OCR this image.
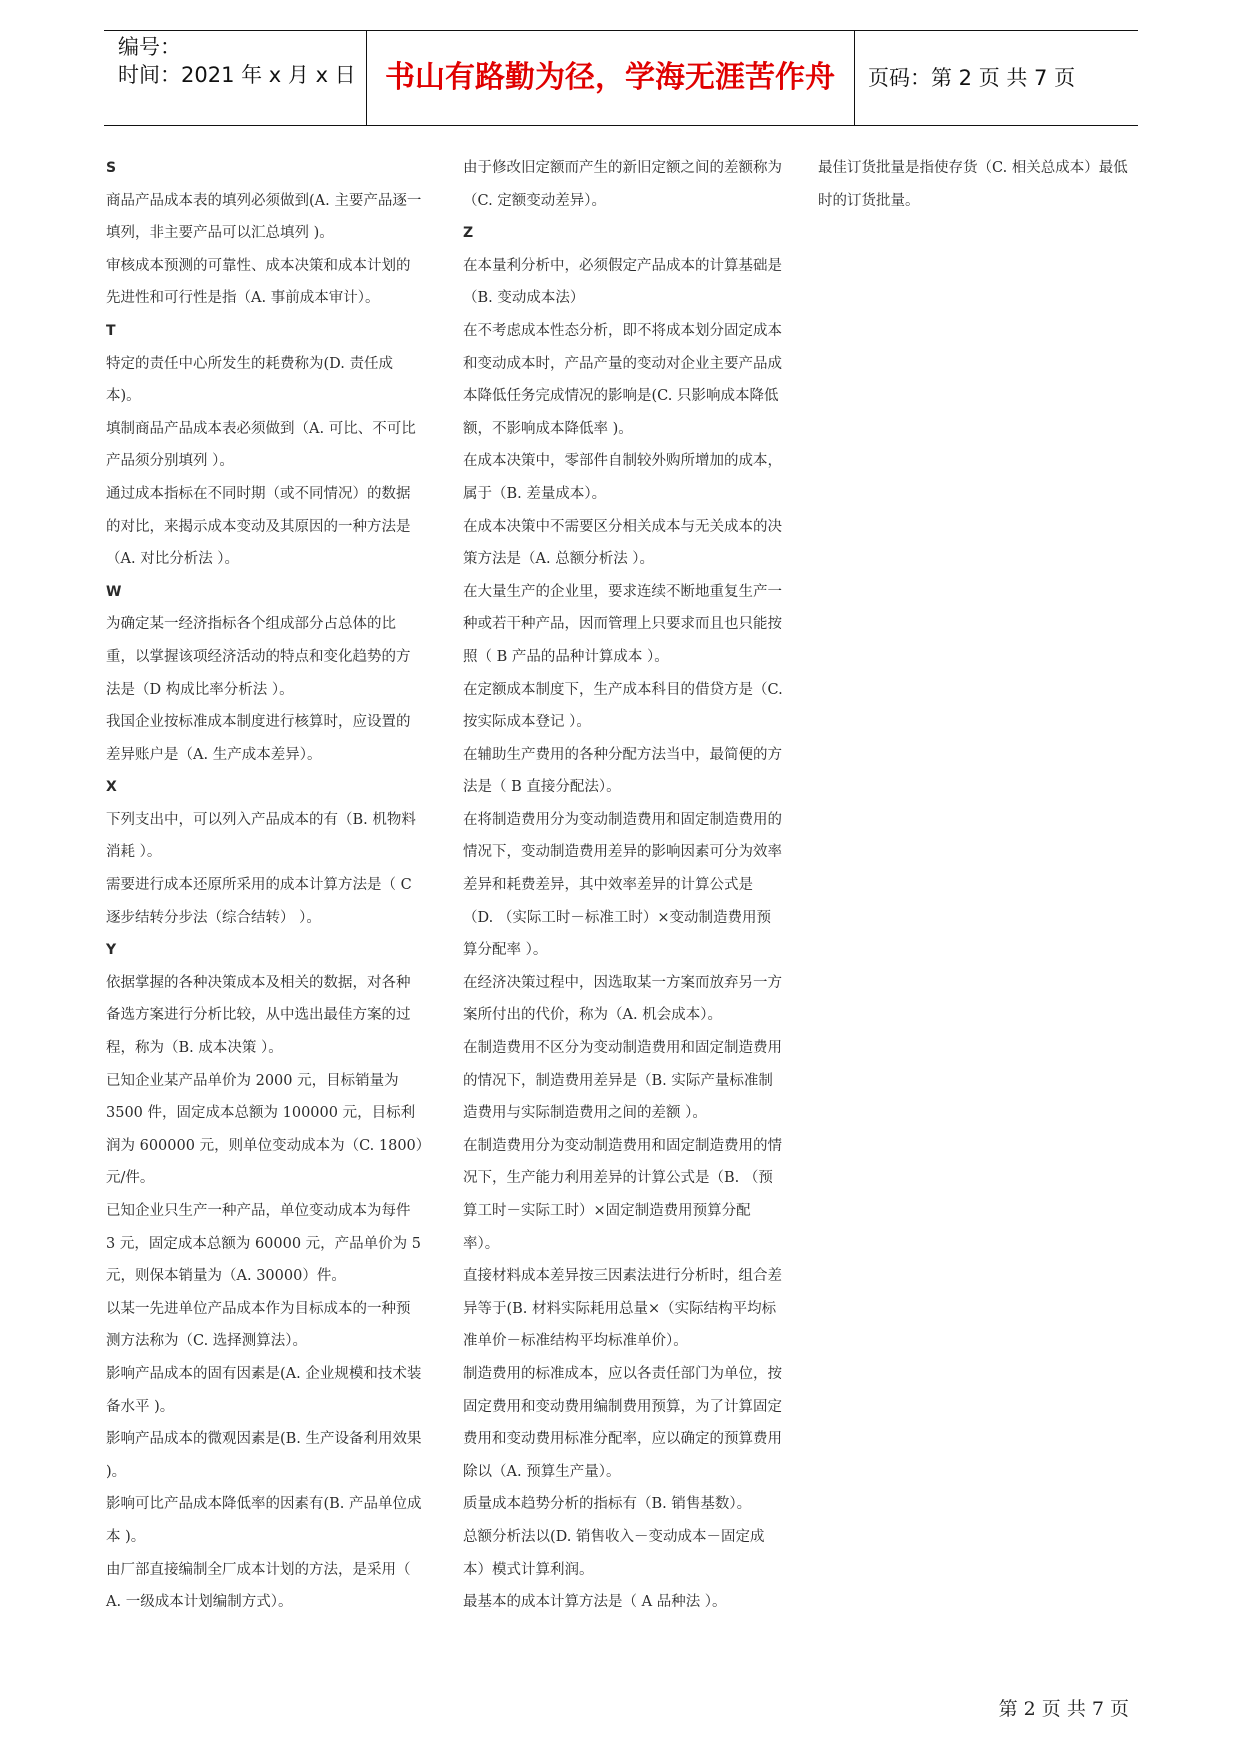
编号：
时间：2021 年 x 月 x 日 书山有路勤为径，学海无涯苦作舟	页码：第 2 页 共 7 页

S

商品产品成本表的填列必须做到(A. 主要产品逐一填列，非主要产品可以汇总填列 )。

审核成本预测的可靠性、成本决策和成本计划的先进性和可行性是指（A. 事前成本审计）。

T

特定的责任中心所发生的耗费称为(D. 责任成本)。

填制商品产品成本表必须做到（A. 可比、不可比产品须分别填列 ）。

通过成本指标在不同时期（或不同情况）的数据的对比，来揭示成本变动及其原因的一种方法是（A. 对比分析法 ）。

W

为确定某一经济指标各个组成部分占总体的比重，以掌握该项经济活动的特点和变化趋势的方法是（D 构成比率分析法 ）。

我国企业按标准成本制度进行核算时，应设置的差异账户是（A. 生产成本差异）。

X

下列支出中，可以列入产品成本的有（B. 机物料消耗 ）。

需要进行成本还原所采用的成本计算方法是（ C 逐步结转分步法（综合结转） ）。

Y

依据掌握的各种决策成本及相关的数据，对各种备选方案进行分析比较，从中选出最佳方案的过程，称为（B. 成本决策 ）。

已知企业某产品单价为 2000 元，目标销量为 3500 件，固定成本总额为 100000 元，目标利润为 600000 元，则单位变动成本为（C. 1800）元/件。

已知企业只生产一种产品，单位变动成本为每件 3 元，固定成本总额为 60000 元，产品单价为 5 元，则保本销量为（A. 30000）件。

以某一先进单位产品成本作为目标成本的一种预测方法称为（C. 选择测算法）。

影响产品成本的固有因素是(A. 企业规模和技术装备水平 )。

影响产品成本的微观因素是(B. 生产设备利用效果 )。

影响可比产品成本降低率的因素有(B. 产品单位成本 )。

由厂部直接编制全厂成本计划的方法，是采用（ A. 一级成本计划编制方式）。

由于修改旧定额而产生的新旧定额之间的差额称为（C. 定额变动差异）。

Z

在本量利分析中，必须假定产品成本的计算基础是（B. 变动成本法）

在不考虑成本性态分析，即不将成本划分固定成本和变动成本时，产品产量的变动对企业主要产品成本降低任务完成情况的影响是(C. 只影响成本降低额，不影响成本降低率 )。

在成本决策中，零部件自制较外购所增加的成本，属于（B. 差量成本）。

在成本决策中不需要区分相关成本与无关成本的决策方法是（A. 总额分析法 ）。

在大量生产的企业里，要求连续不断地重复生产一种或若干种产品，因而管理上只要求而且也只能按照（ B 产品的品种计算成本 ）。

在定额成本制度下，生产成本科目的借贷方是（C. 按实际成本登记 ）。

在辅助生产费用的各种分配方法当中，最简便的方法是（ B 直接分配法）。

在将制造费用分为变动制造费用和固定制造费用的情况下，变动制造费用差异的影响因素可分为效率差异和耗费差异，其中效率差异的计算公式是（D. （实际工时－标准工时）×变动制造费用预算分配率 ）。

在经济决策过程中，因选取某一方案而放弃另一方案所付出的代价，称为（A. 机会成本）。

在制造费用不区分为变动制造费用和固定制造费用的情况下，制造费用差异是（B. 实际产量标准制造费用与实际制造费用之间的差额 ）。

在制造费用分为变动制造费用和固定制造费用的情况下，生产能力利用差异的计算公式是（B. （预算工时－实际工时）×固定制造费用预算分配率）。

直接材料成本差异按三因素法进行分析时，组合差异等于(B. 材料实际耗用总量×（实际结构平均标准单价－标准结构平均标准单价）。

制造费用的标准成本，应以各责任部门为单位，按固定费用和变动费用编制费用预算，为了计算固定费用和变动费用标准分配率，应以确定的预算费用除以（A. 预算生产量）。

质量成本趋势分析的指标有（B. 销售基数）。

总额分析法以(D. 销售收入－变动成本－固定成本）模式计算利润。

最基本的成本计算方法是（ A 品种法 ）。

最佳订货批量是指使存货（C. 相关总成本）最低时的订货批量。

第 2 页 共 7 页
